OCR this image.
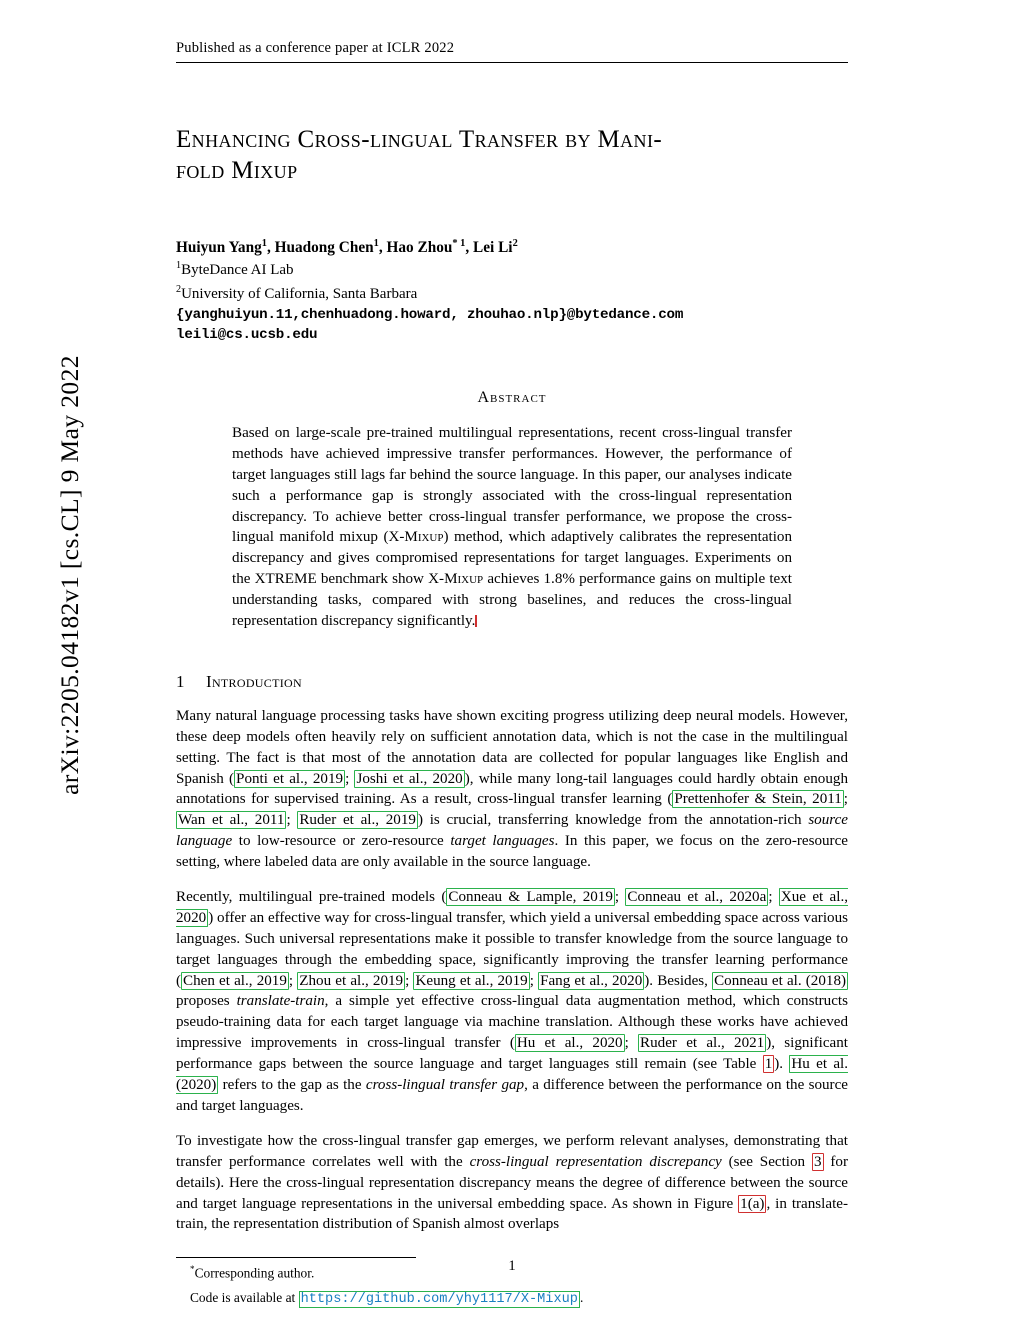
arXiv:2205.04182v1 [cs.CL] 9 May 2022
Published as a conference paper at ICLR 2022
Enhancing Cross-lingual Transfer by Mani-
fold Mixup
Huiyun Yang$^1$, Huadong Chen$^1$, Hao Zhou$^{* 1}$, Lei Li$^2$
$^1$ByteDance AI Lab
$^2$University of California, Santa Barbara
{yanghuiyun.11,chenhuadong.howard, zhouhao.nlp}@bytedance.com
leili@cs.ucsb.edu
Abstract
Based on large-scale pre-trained multilingual representations, recent cross-lingual transfer methods have achieved impressive transfer performances. However, the performance of target languages still lags far behind the source language. In this paper, our analyses indicate such a performance gap is strongly associated with the cross-lingual representation discrepancy. To achieve better cross-lingual transfer performance, we propose the cross-lingual manifold mixup (X-Mixup) method, which adaptively calibrates the representation discrepancy and gives compromised representations for target languages. Experiments on the XTREME benchmark show X-Mixup achieves 1.8% performance gains on multiple text understanding tasks, compared with strong baselines, and reduces the cross-lingual representation discrepancy significantly.
1 Introduction

Many natural language processing tasks have shown exciting progress utilizing deep neural models. However, these deep models often heavily rely on sufficient annotation data, which is not the case in the multilingual setting. The fact is that most of the annotation data are collected for popular languages like English and Spanish ( Ponti et al., 2019 ; Joshi et al., 2020 ), while many long-tail languages could hardly obtain enough annotations for supervised training. As a result, cross-lingual transfer learning ( Prettenhofer & Stein, 2011 ; Wan et al., 2011 ; Ruder et al., 2019 ) is crucial, transferring knowledge from the annotation-rich source language to low-resource or zero-resource target languages. In this paper, we focus on the zero-resource setting, where labeled data are only available in the source language.

Recently, multilingual pre-trained models ( Conneau & Lample, 2019 ; Conneau et al., 2020a ; Xue et al., 2020 ) offer an effective way for cross-lingual transfer, which yield a universal embedding space across various languages. Such universal representations make it possible to transfer knowledge from the source language to target languages through the embedding space, significantly improving the transfer learning performance ( Chen et al., 2019 ; Zhou et al., 2019 ; Keung et al., 2019 ; Fang et al., 2020 ). Besides, Conneau et al. (2018) proposes translate-train, a simple yet effective cross-lingual data augmentation method, which constructs pseudo-training data for each target language via machine translation. Although these works have achieved impressive improvements in cross-lingual transfer ( Hu et al., 2020 ; Ruder et al., 2021 ), significant performance gaps between the source language and target languages still remain (see Table 1 ). Hu et al. (2020) refers to the gap as the cross-lingual transfer gap, a difference between the performance on the source and target languages.

To investigate how the cross-lingual transfer gap emerges, we perform relevant analyses, demonstrating that transfer performance correlates well with the cross-lingual representation discrepancy (see Section 3 for details). Here the cross-lingual representation discrepancy means the degree of difference between the source and target language representations in the universal embedding space. As shown in Figure 1(a) , in translate-train, the representation distribution of Spanish almost overlaps

*Corresponding author.
Code is available at https://github.com/yhy1117/X-Mixup .
1
